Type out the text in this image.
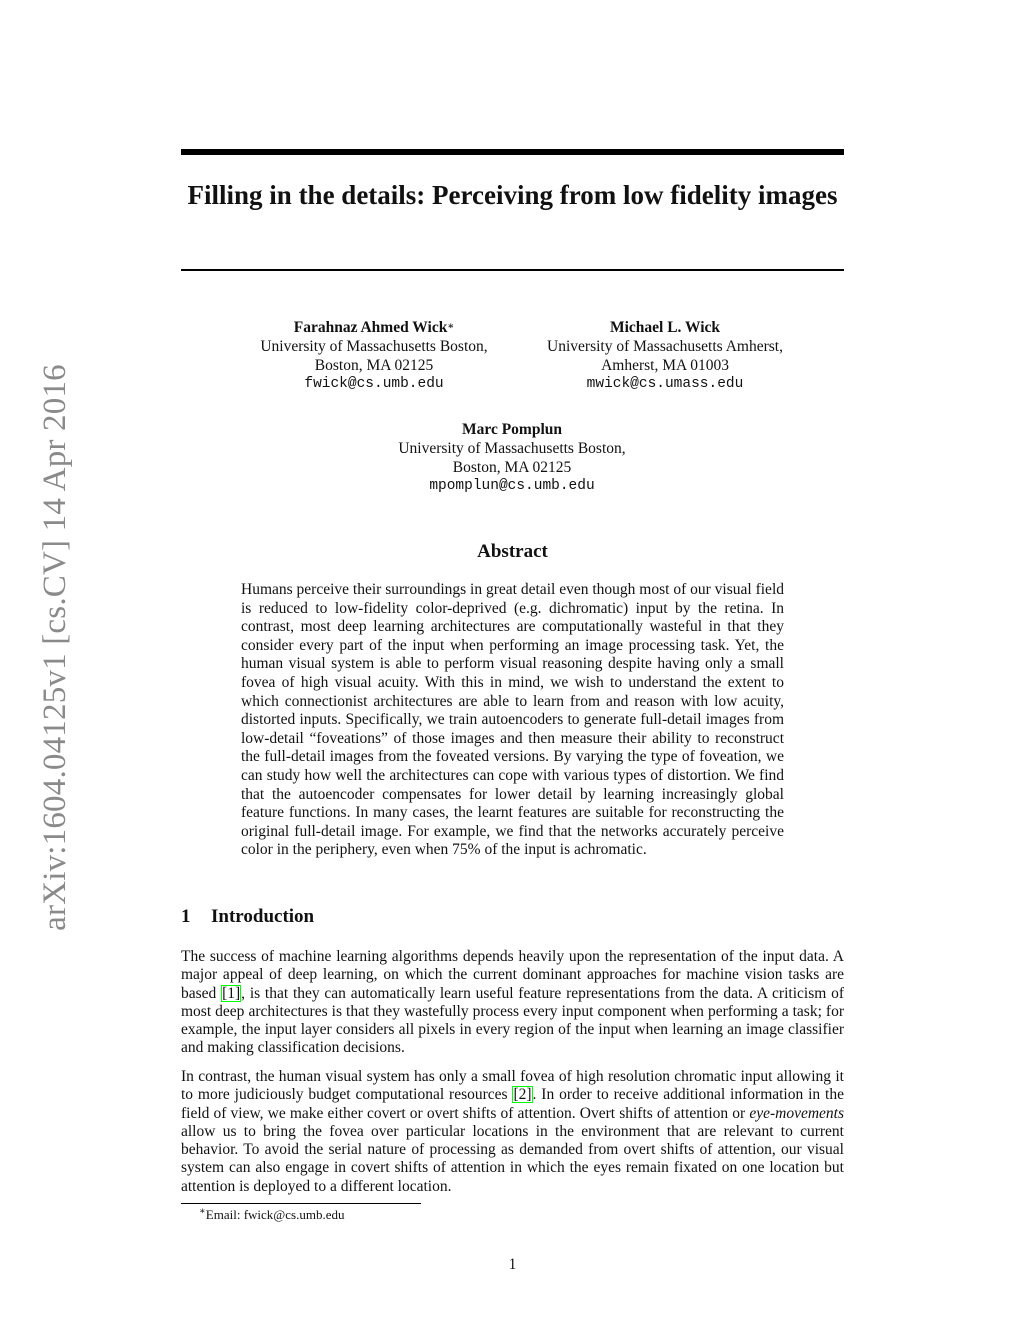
arXiv:1604.04125v1 [cs.CV] 14 Apr 2016
Filling in the details: Perceiving from low fidelity images
Farahnaz Ahmed Wick∗
University of Massachusetts Boston,
Boston, MA 02125
fwick@cs.umb.edu
Michael L. Wick
University of Massachusetts Amherst,
Amherst, MA 01003
mwick@cs.umass.edu
Marc Pomplun
University of Massachusetts Boston,
Boston, MA 02125
mpomplun@cs.umb.edu
Abstract
Humans perceive their surroundings in great detail even though most of our visual field is reduced to low-fidelity color-deprived (e.g. dichromatic) input by the retina. In contrast, most deep learning architectures are computationally wasteful in that they consider every part of the input when performing an image processing task. Yet, the human visual system is able to perform visual reasoning despite having only a small fovea of high visual acuity. With this in mind, we wish to understand the extent to which connectionist architectures are able to learn from and reason with low acuity, distorted inputs. Specifically, we train autoencoders to generate full-detail images from low-detail “foveations” of those images and then measure their ability to reconstruct the full-detail images from the foveated versions. By varying the type of foveation, we can study how well the architectures can cope with various types of distortion. We find that the autoencoder compensates for lower detail by learning increasingly global feature functions. In many cases, the learnt features are suitable for reconstructing the original full-detail image. For example, we find that the networks accurately perceive color in the periphery, even when 75% of the input is achromatic.
1 Introduction
The success of machine learning algorithms depends heavily upon the representation of the input data. A major appeal of deep learning, on which the current dominant approaches for machine vision tasks are based [1], is that they can automatically learn useful feature representations from the data. A criticism of most deep architectures is that they wastefully process every input component when performing a task; for example, the input layer considers all pixels in every region of the input when learning an image classifier and making classification decisions.
In contrast, the human visual system has only a small fovea of high resolution chromatic input allowing it to more judiciously budget computational resources [2]. In order to receive additional information in the field of view, we make either covert or overt shifts of attention. Overt shifts of attention or eye-movements allow us to bring the fovea over particular locations in the environment that are relevant to current behavior. To avoid the serial nature of processing as demanded from overt shifts of attention, our visual system can also engage in covert shifts of attention in which the eyes remain fixated on one location but attention is deployed to a different location.
∗Email: fwick@cs.umb.edu
1
